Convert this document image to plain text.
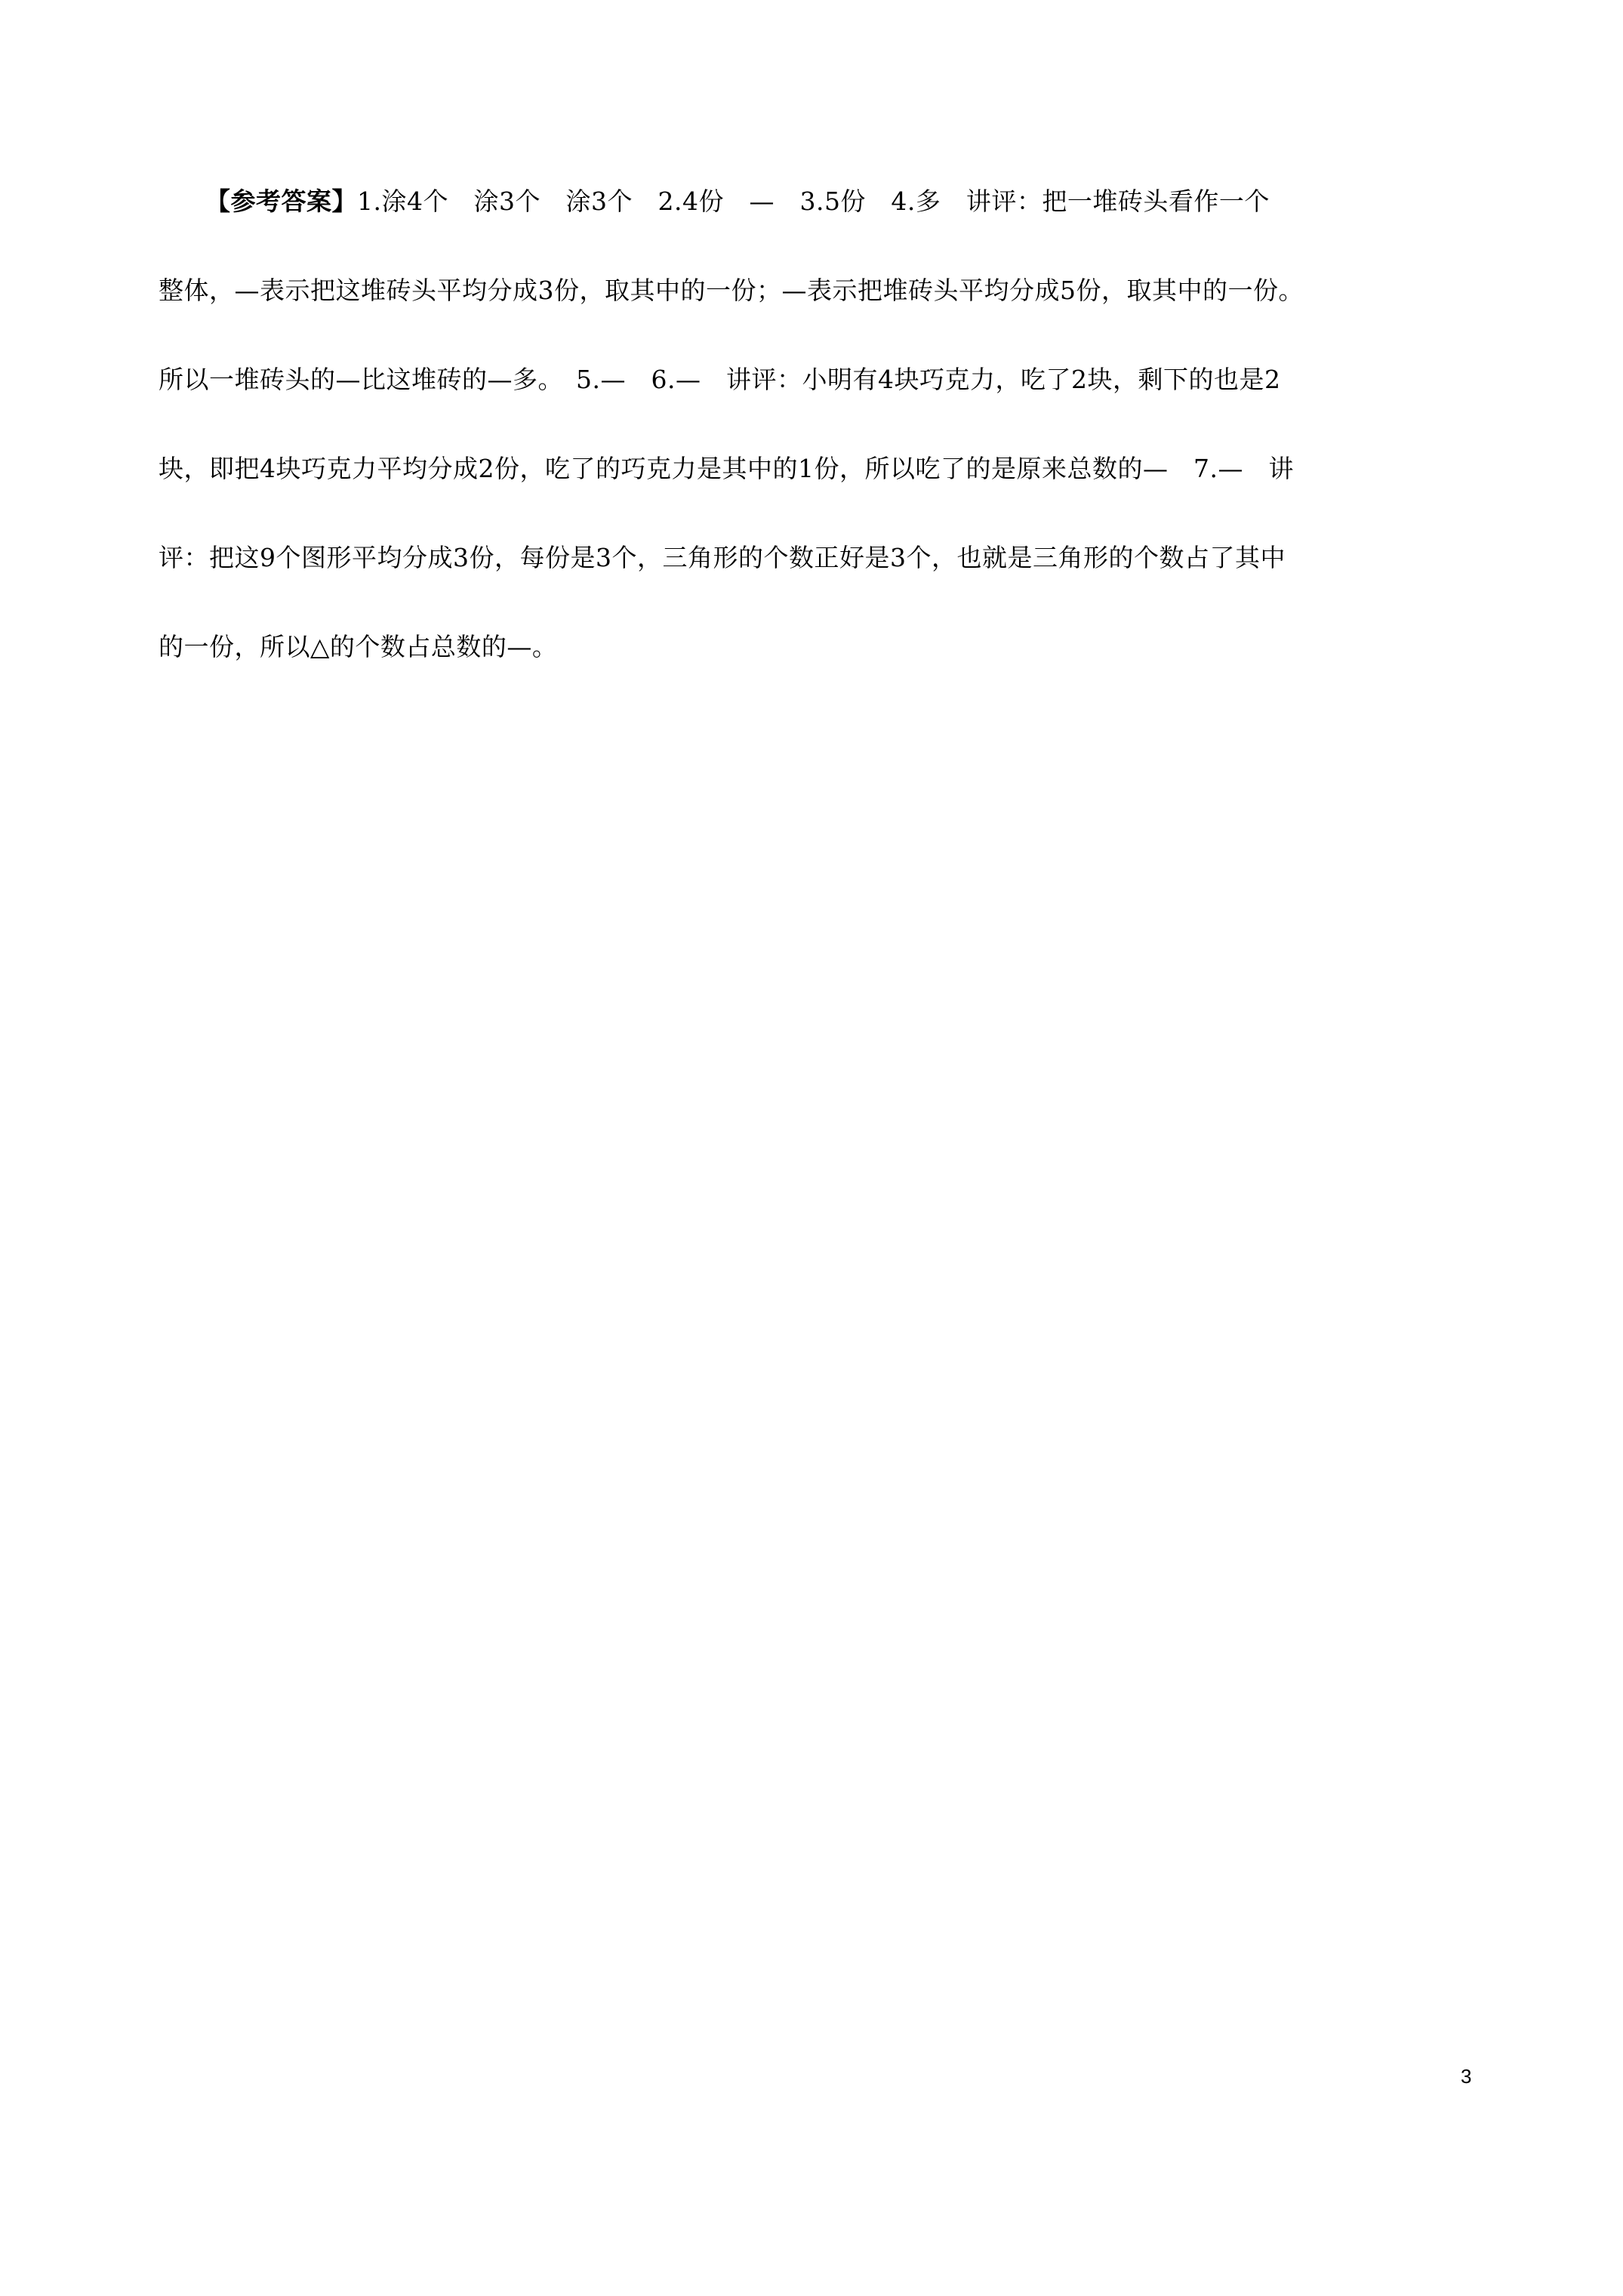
【参考答案】1.涂4个　涂3个　涂3个　2.4份　—　3.5份　4.多　讲评：把一堆砖头看作一个
整体，—表示把这堆砖头平均分成3份，取其中的一份；—表示把堆砖头平均分成5份，取其中的一份。
所以一堆砖头的—比这堆砖的—多。　5.—　6.—　讲评：小明有4块巧克力，吃了2块，剩下的也是2
块，即把4块巧克力平均分成2份，吃了的巧克力是其中的1份，所以吃了的是原来总数的—　7.—　讲
评：把这9个图形平均分成3份，每份是3个，三角形的个数正好是3个，也就是三角形的个数占了其中
的一份，所以△的个数占总数的—。
3
